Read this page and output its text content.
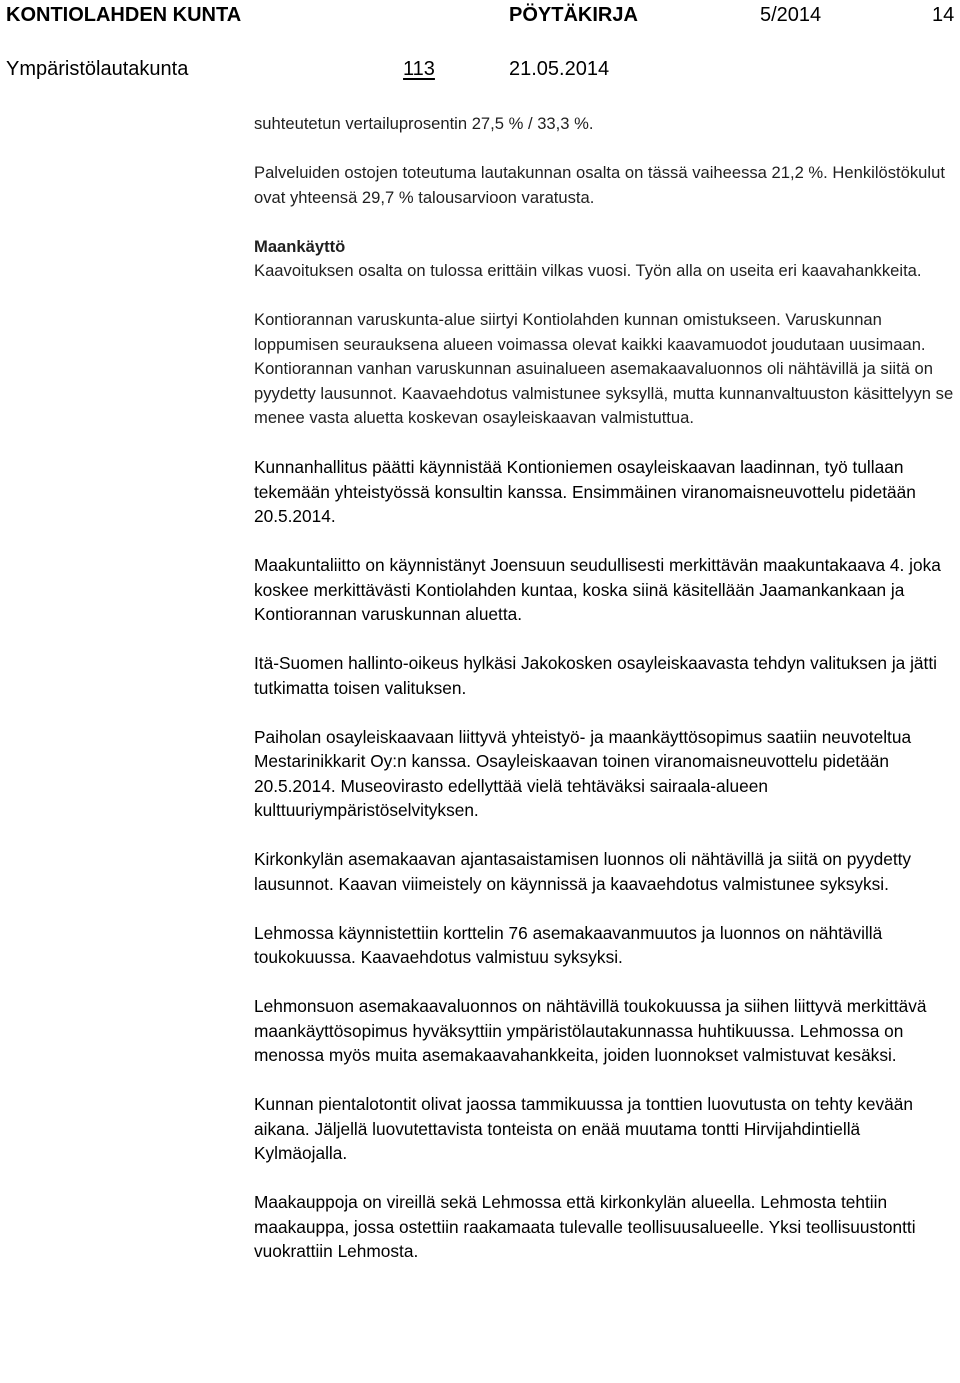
KONTIOLAHDEN KUNTA	PÖYTÄKIRJA	5/2014	14
Ympäristölautakunta	113	21.05.2014

suhteutetun vertailuprosentin 27,5 % / 33,3 %.

Palveluiden ostojen toteutuma lautakunnan osalta on tässä vaiheessa 21,2 %. Henkilöstökulut ovat yhteensä 29,7 % talousarvioon varatusta.

Maankäyttö

Kaavoituksen osalta on tulossa erittäin vilkas vuosi. Työn alla on useita eri kaavahankkeita.

Kontiorannan varuskunta-alue siirtyi Kontiolahden kunnan omistukseen. Varuskunnan loppumisen seurauksena alueen voimassa olevat kaikki kaavamuodot joudutaan uusimaan. Kontiorannan vanhan varuskunnan asuinalueen asemakaavaluonnos oli nähtävillä ja siitä on pyydetty lausunnot. Kaavaehdotus valmistunee syksyllä, mutta kunnanvaltuuston käsittelyyn se menee vasta aluetta koskevan osayleiskaavan valmistuttua.

Kunnanhallitus päätti käynnistää Kontioniemen osayleiskaavan laadinnan, työ tullaan tekemään yhteistyössä konsultin kanssa. Ensimmäinen viranomaisneuvottelu pidetään 20.5.2014.

Maakuntaliitto on käynnistänyt Joensuun seudullisesti merkittävän maakuntakaava 4. joka koskee merkittävästi Kontiolahden kuntaa, koska siinä käsitellään Jaamankankaan ja Kontiorannan varuskunnan aluetta.

Itä-Suomen hallinto-oikeus hylkäsi Jakokosken osayleiskaavasta tehdyn valituksen ja jätti tutkimatta toisen valituksen.

Paiholan osayleiskaavaan liittyvä yhteistyö- ja maankäyttösopimus saatiin neuvoteltua Mestarinikkarit Oy:n kanssa. Osayleiskaavan toinen viranomaisneuvottelu pidetään 20.5.2014. Museovirasto edellyttää vielä tehtäväksi sairaala-alueen kulttuuriympäristöselvityksen.

Kirkonkylän asemakaavan ajantasaistamisen luonnos oli nähtävillä ja siitä on pyydetty lausunnot. Kaavan viimeistely on käynnissä ja kaavaehdotus valmistunee syksyksi.

Lehmossa käynnistettiin korttelin 76 asemakaavanmuutos ja luonnos on nähtävillä toukokuussa. Kaavaehdotus valmistuu syksyksi.

Lehmonsuon asemakaavaluonnos on nähtävillä toukokuussa ja siihen liittyvä merkittävä maankäyttösopimus hyväksyttiin ympäristölautakunnassa huhtikuussa. Lehmossa on menossa myös muita asemakaavahankkeita, joiden luonnokset valmistuvat kesäksi.

Kunnan pientalotontit olivat jaossa tammikuussa ja tonttien luovutusta on tehty kevään aikana. Jäljellä luovutettavista tonteista on enää muutama tontti Hirvijahdintiellä Kylmäojalla.

Maakauppoja on vireillä sekä Lehmossa että kirkonkylän alueella. Lehmosta tehtiin maakauppa, jossa ostettiin raakamaata tulevalle teollisuusalueelle. Yksi teollisuustontti vuokrattiin Lehmosta.
